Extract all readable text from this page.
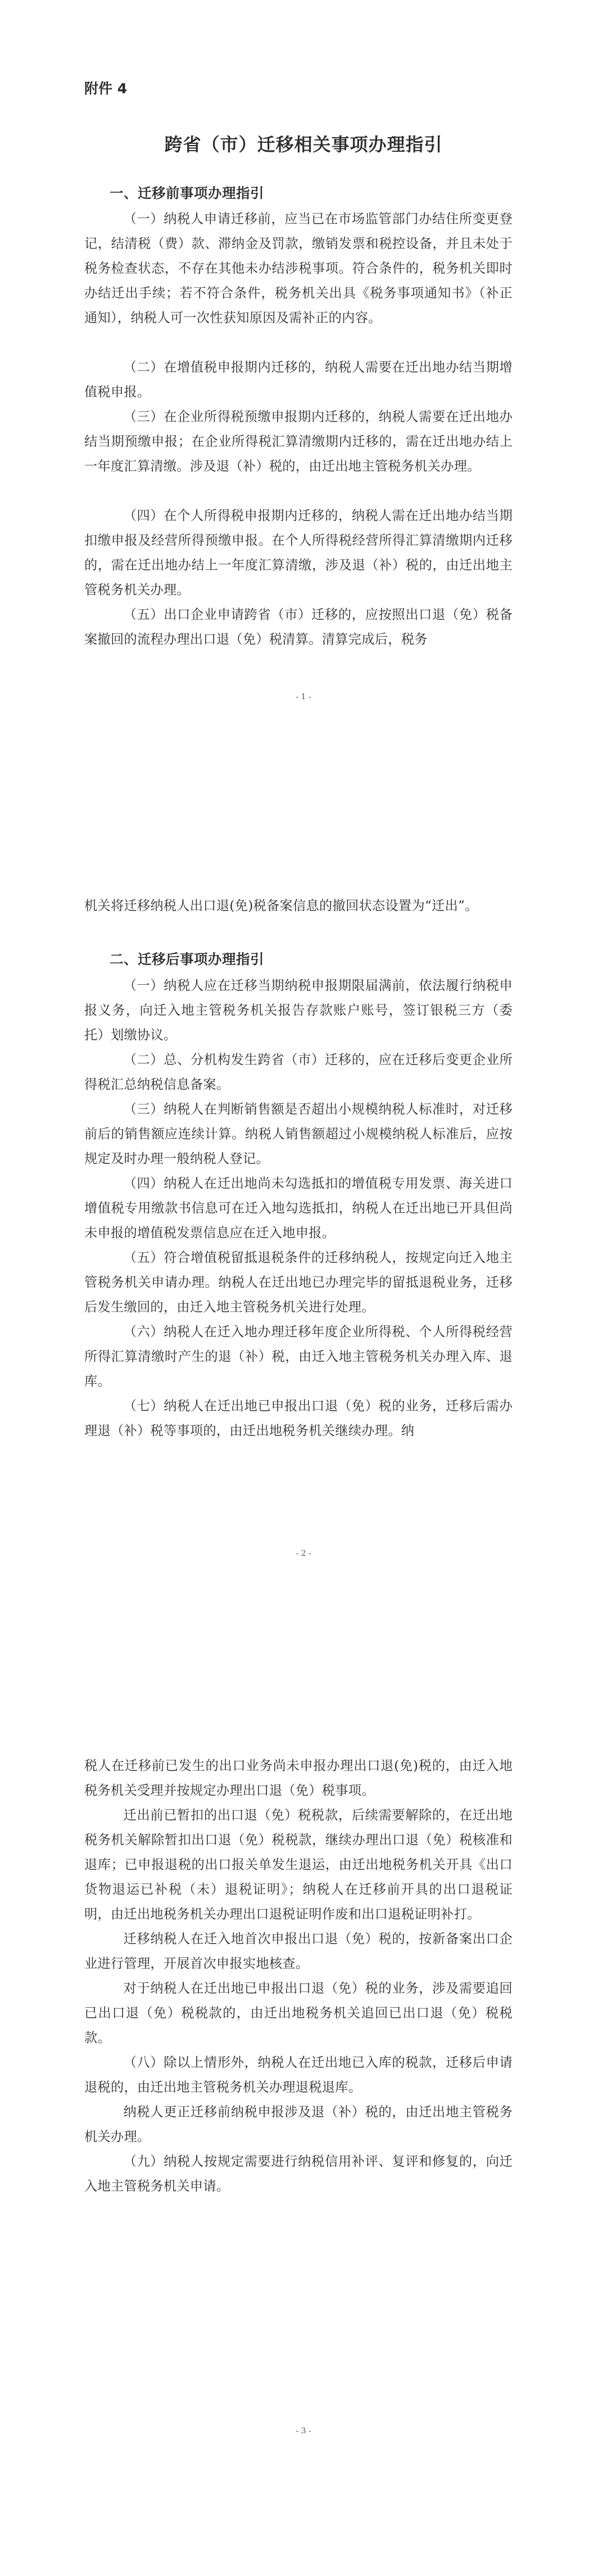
附件 4
跨省（市）迁移相关事项办理指引
一、迁移前事项办理指引

（一）纳税人申请迁移前，应当已在市场监管部门办结住所变更登记，结清税（费）款、滞纳金及罚款，缴销发票和税控设备，并且未处于税务检查状态，不存在其他未办结涉税事项。符合条件的，税务机关即时办结迁出手续；若不符合条件，税务机关出具《税务事项通知书》（补正通知），纳税人可一次性获知原因及需补正的内容。

（二）在增值税申报期内迁移的，纳税人需要在迁出地办结当期增值税申报。

（三）在企业所得税预缴申报期内迁移的，纳税人需要在迁出地办结当期预缴申报；在企业所得税汇算清缴期内迁移的，需在迁出地办结上一年度汇算清缴。涉及退（补）税的，由迁出地主管税务机关办理。

（四）在个人所得税申报期内迁移的，纳税人需在迁出地办结当期扣缴申报及经营所得预缴申报。在个人所得税经营所得汇算清缴期内迁移的，需在迁出地办结上一年度汇算清缴，涉及退（补）税的，由迁出地主管税务机关办理。

（五）出口企业申请跨省（市）迁移的，应按照出口退（免）税备案撤回的流程办理出口退（免）税清算。清算完成后，税务

- 1 -

机关将迁移纳税人出口退(免)税备案信息的撤回状态设置为“迁出”。

二、迁移后事项办理指引

（一）纳税人应在迁移当期纳税申报期限届满前，依法履行纳税申报义务，向迁入地主管税务机关报告存款账户账号，签订银税三方（委托）划缴协议。

（二）总、分机构发生跨省（市）迁移的，应在迁移后变更企业所得税汇总纳税信息备案。

（三）纳税人在判断销售额是否超出小规模纳税人标准时，对迁移前后的销售额应连续计算。纳税人销售额超过小规模纳税人标准后，应按规定及时办理一般纳税人登记。

（四）纳税人在迁出地尚未勾选抵扣的增值税专用发票、海关进口增值税专用缴款书信息可在迁入地勾选抵扣，纳税人在迁出地已开具但尚未申报的增值税发票信息应在迁入地申报。

（五）符合增值税留抵退税条件的迁移纳税人，按规定向迁入地主管税务机关申请办理。纳税人在迁出地已办理完毕的留抵退税业务，迁移后发生缴回的，由迁入地主管税务机关进行处理。

（六）纳税人在迁入地办理迁移年度企业所得税、个人所得税经营所得汇算清缴时产生的退（补）税，由迁入地主管税务机关办理入库、退库。

（七）纳税人在迁出地已申报出口退（免）税的业务，迁移后需办理退（补）税等事项的，由迁出地税务机关继续办理。纳

- 2 -

税人在迁移前已发生的出口业务尚未申报办理出口退(免)税的，由迁入地税务机关受理并按规定办理出口退（免）税事项。

迁出前已暂扣的出口退（免）税税款，后续需要解除的，在迁出地税务机关解除暂扣出口退（免）税税款，继续办理出口退（免）税核准和退库；已申报退税的出口报关单发生退运，由迁出地税务机关开具《出口货物退运已补税（未）退税证明》；纳税人在迁移前开具的出口退税证明，由迁出地税务机关办理出口退税证明作废和出口退税证明补打。

迁移纳税人在迁入地首次申报出口退（免）税的，按新备案出口企业进行管理，开展首次申报实地核查。

对于纳税人在迁出地已申报出口退（免）税的业务，涉及需要追回已出口退（免）税税款的，由迁出地税务机关追回已出口退（免）税税款。

（八）除以上情形外，纳税人在迁出地已入库的税款，迁移后申请退税的，由迁出地主管税务机关办理退税退库。

纳税人更正迁移前纳税申报涉及退（补）税的，由迁出地主管税务机关办理。

（九）纳税人按规定需要进行纳税信用补评、复评和修复的，向迁入地主管税务机关申请。

- 3 -
